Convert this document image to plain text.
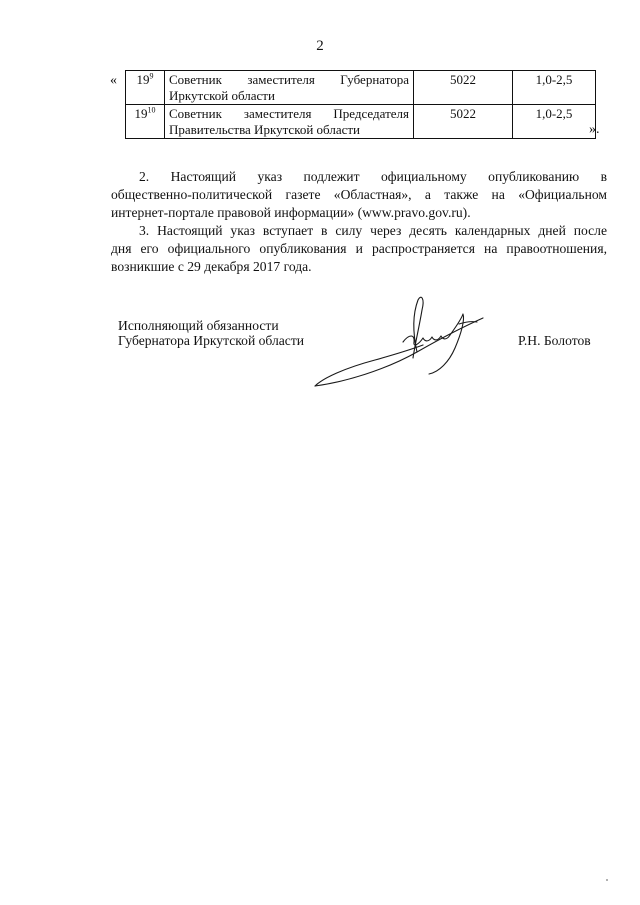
2
« $19^9$	Советник заместителя Губернатора
Иркутской области	5022	1,0-2,5
$19^{10}$	Советник заместителя Председателя
Правительства Иркутской области	5022	1,0-2,5
».
2. Настоящий указ подлежит официальному опубликованию в
общественно-политической газете «Областная», а также на «Официальном интернет-портале правовой информации» (www.pravo.gov.ru).
3. Настоящий указ вступает в силу через десять календарных дней после
дня его официального опубликования и распространяется на правоотношения, возникшие с 29 декабря 2017 года.
Исполняющий обязанности
Губернатора Иркутской области	Р.Н. Болотов
